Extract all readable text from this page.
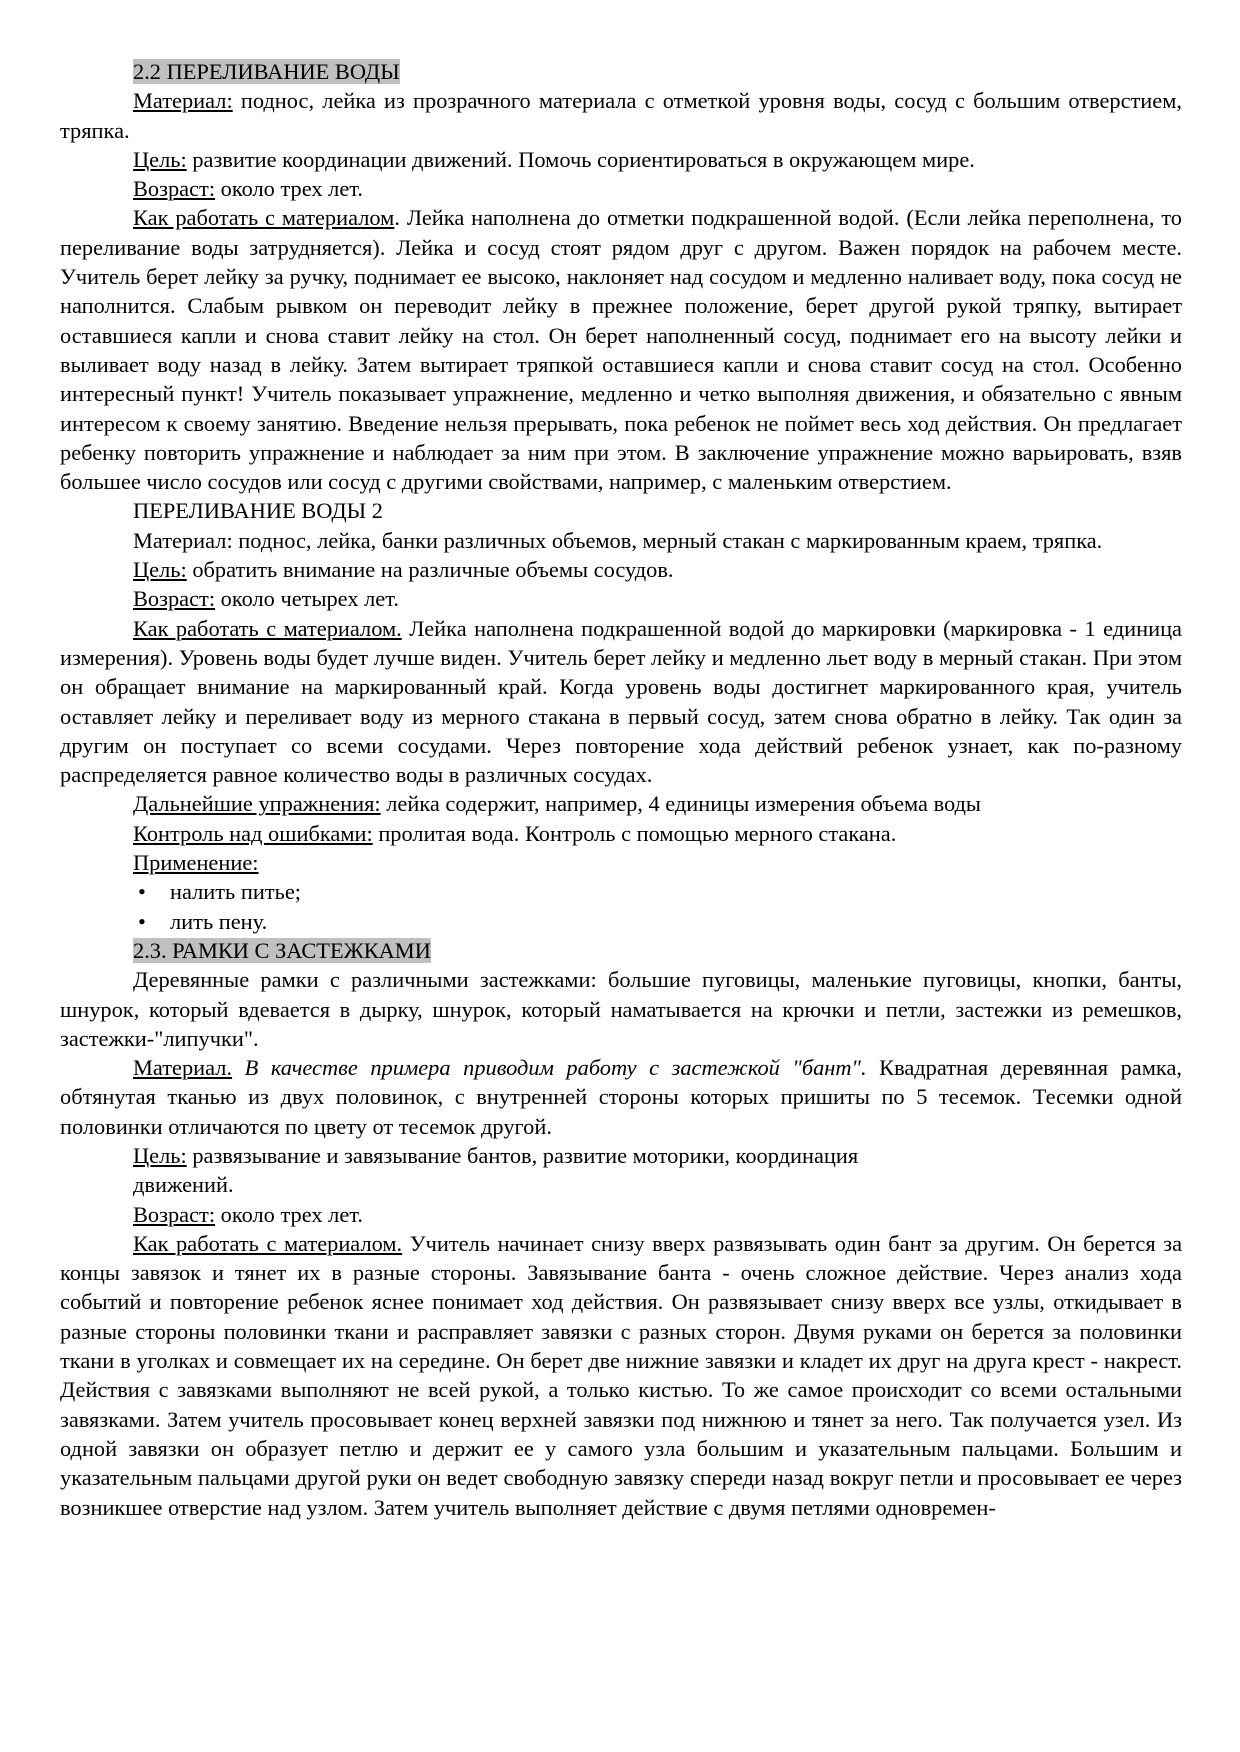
2.2 ПЕРЕЛИВАНИЕ ВОДЫ

Материал: поднос, лейка из прозрачного материала с отметкой уровня воды, сосуд с большим отверстием, тряпка.

Цель: развитие координации движений. Помочь сориентироваться в окружающем мире.

Возраст: около трех лет.

Как работать с материалом. Лейка наполнена до отметки подкрашенной водой. (Если лейка переполнена, то переливание воды затрудняется). Лейка и сосуд стоят рядом друг с другом. Важен порядок на рабочем месте. Учитель берет лейку за ручку, поднимает ее высоко, наклоняет над сосудом и медленно наливает воду, пока сосуд не наполнится. Слабым рывком он переводит лейку в прежнее положение, берет другой рукой тряпку, вытирает оставшиеся капли и снова ставит лейку на стол. Он берет наполненный сосуд, поднимает его на высоту лейки и выливает воду назад в лейку. Затем вытирает тряпкой оставшиеся капли и снова ставит сосуд на стол. Особенно интересный пункт! Учитель показывает упражнение, медленно и четко выполняя движения, и обязательно с явным интересом к своему занятию. Введение нельзя прерывать, пока ребенок не поймет весь ход действия. Он предлагает ребенку повторить упражнение и наблюдает за ним при этом. В заключение упражнение можно варьировать, взяв большее число сосудов или сосуд с другими свойствами, например, с маленьким отверстием.

ПЕРЕЛИВАНИЕ ВОДЫ 2

Материал: поднос, лейка, банки различных объемов, мерный стакан с маркированным краем, тряпка.

Цель: обратить внимание на различные объемы сосудов.

Возраст: около четырех лет.

Как работать с материалом. Лейка наполнена подкрашенной водой до маркировки (маркировка - 1 единица измерения). Уровень воды будет лучше виден. Учитель берет лейку и медленно льет воду в мерный стакан. При этом он обращает внимание на маркированный край. Когда уровень воды достигнет маркированного края, учитель оставляет лейку и переливает воду из мерного стакана в первый сосуд, затем снова обратно в лейку. Так один за другим он поступает со всеми сосудами. Через повторение хода действий ребенок узнает, как по-разному распределяется равное количество воды в различных сосудах.

Дальнейшие упражнения: лейка содержит, например, 4 единицы измерения объема воды

Контроль над ошибками: пролитая вода. Контроль с помощью мерного стакана.

Применение:

• налить питье;
• лить пену.

2.3. РАМКИ С ЗАСТЕЖКАМИ

Деревянные рамки с различными застежками: большие пуговицы, маленькие пуговицы, кнопки, банты, шнурок, который вдевается в дырку, шнурок, который наматывается на крючки и петли, застежки из ремешков, застежки-"липучки".

Материал. В качестве примера приводим работу с застежкой "бант". Квадратная деревянная рамка, обтянутая тканью из двух половинок, с внутренней стороны которых пришиты по 5 тесемок. Тесемки одной половинки отличаются по цвету от тесемок другой.

Цель: развязывание и завязывание бантов, развитие моторики, координация

движений.

Возраст: около трех лет.

Как работать с материалом. Учитель начинает снизу вверх развязывать один бант за другим. Он берется за концы завязок и тянет их в разные стороны. Завязывание банта - очень сложное действие. Через анализ хода событий и повторение ребенок яснее понимает ход действия. Он развязывает снизу вверх все узлы, откидывает в разные стороны половинки ткани и расправляет завязки с разных сторон. Двумя руками он берется за половинки ткани в уголках и совмещает их на середине. Он берет две нижние завязки и кладет их друг на друга крест - накрест. Действия с завязками выполняют не всей рукой, а только кистью. То же самое происходит со всеми остальными завязками. Затем учитель просовывает конец верхней завязки под нижнюю и тянет за него. Так получается узел. Из одной завязки он образует петлю и держит ее у самого узла большим и указательным пальцами. Большим и указательным пальцами другой руки он ведет свободную завязку спереди назад вокруг петли и просовывает ее через возникшее отверстие над узлом. Затем учитель выполняет действие с двумя петлями одновремен-
